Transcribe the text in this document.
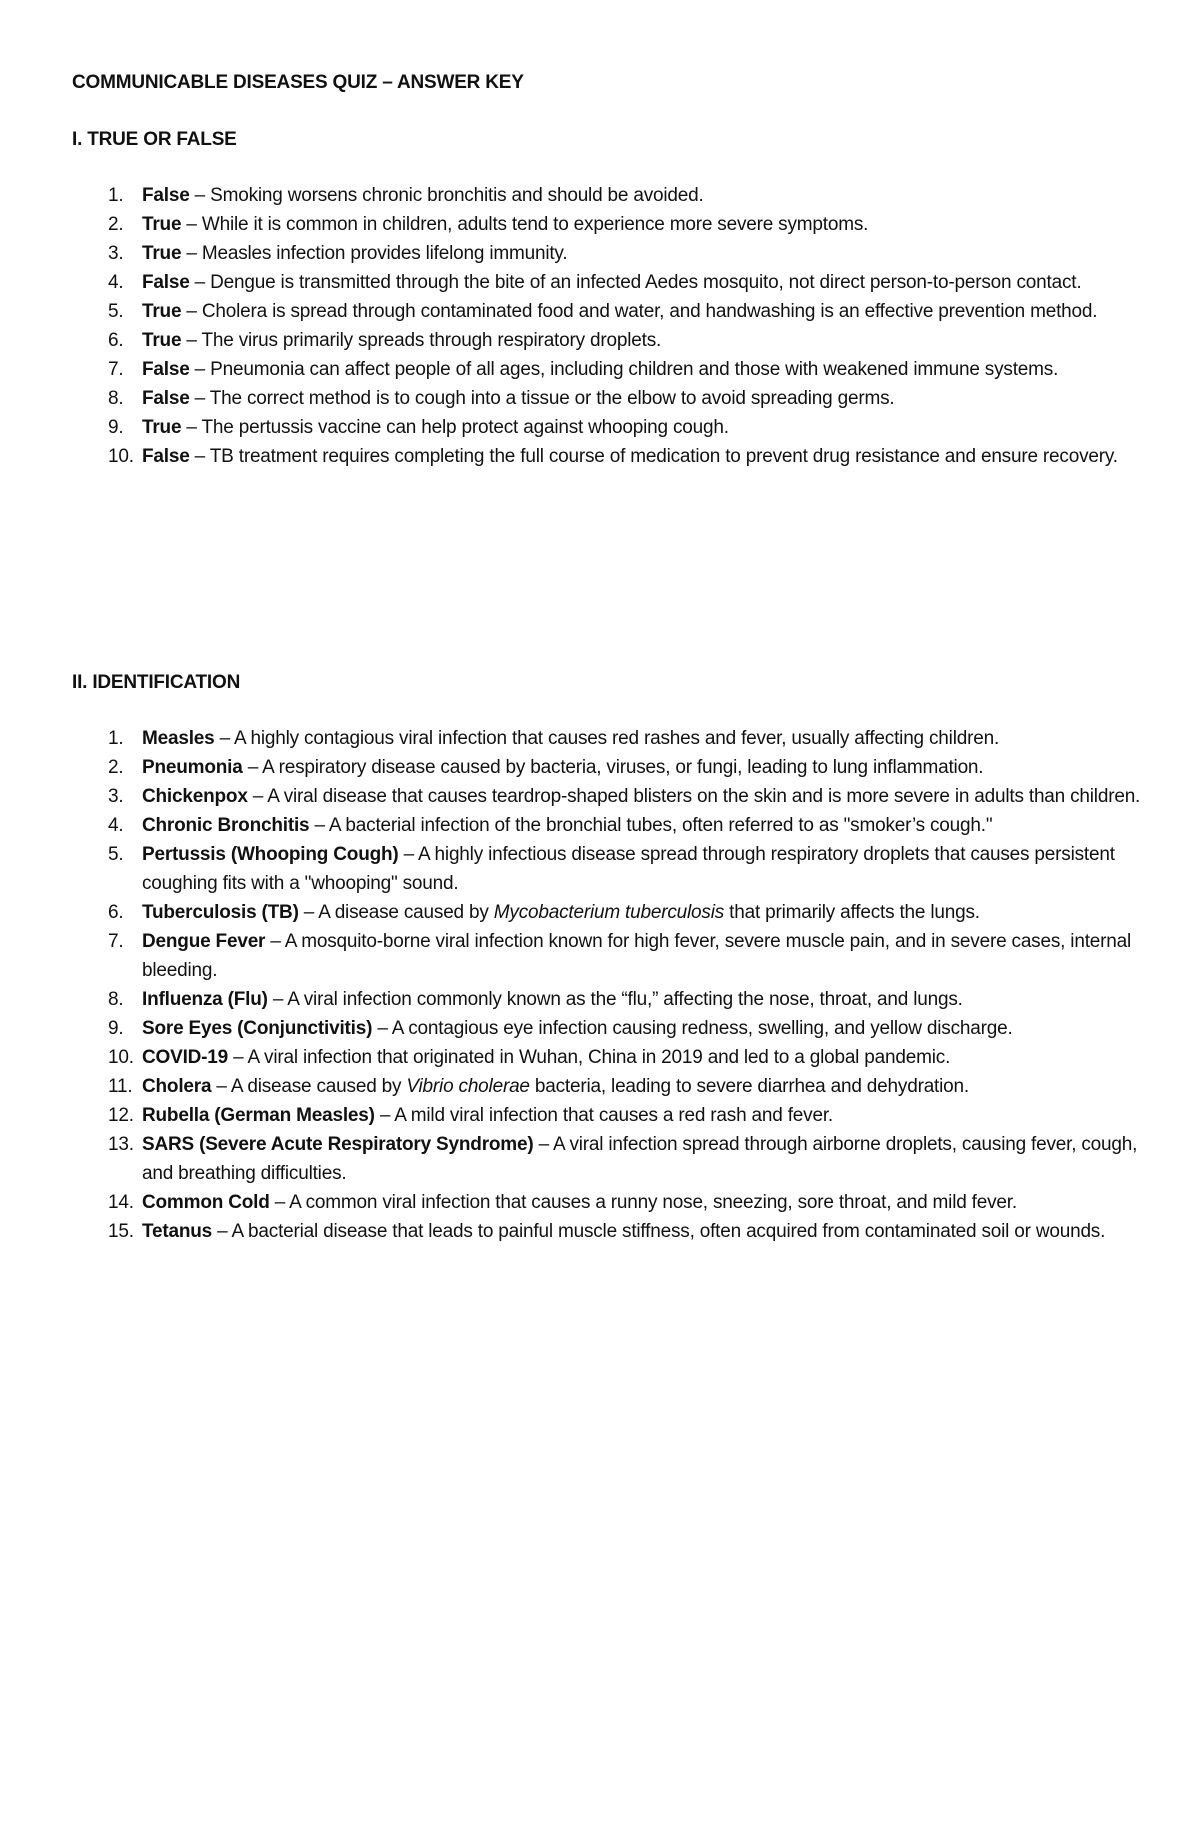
COMMUNICABLE DISEASES QUIZ – ANSWER KEY
I. TRUE OR FALSE
1. False – Smoking worsens chronic bronchitis and should be avoided.
2. True – While it is common in children, adults tend to experience more severe symptoms.
3. True – Measles infection provides lifelong immunity.
4. False – Dengue is transmitted through the bite of an infected Aedes mosquito, not direct person-to-person contact.
5. True – Cholera is spread through contaminated food and water, and handwashing is an effective prevention method.
6. True – The virus primarily spreads through respiratory droplets.
7. False – Pneumonia can affect people of all ages, including children and those with weakened immune systems.
8. False – The correct method is to cough into a tissue or the elbow to avoid spreading germs.
9. True – The pertussis vaccine can help protect against whooping cough.
10. False – TB treatment requires completing the full course of medication to prevent drug resistance and ensure recovery.
II. IDENTIFICATION
1. Measles – A highly contagious viral infection that causes red rashes and fever, usually affecting children.
2. Pneumonia – A respiratory disease caused by bacteria, viruses, or fungi, leading to lung inflammation.
3. Chickenpox – A viral disease that causes teardrop-shaped blisters on the skin and is more severe in adults than children.
4. Chronic Bronchitis – A bacterial infection of the bronchial tubes, often referred to as "smoker’s cough."
5. Pertussis (Whooping Cough) – A highly infectious disease spread through respiratory droplets that causes persistent coughing fits with a "whooping" sound.
6. Tuberculosis (TB) – A disease caused by Mycobacterium tuberculosis that primarily affects the lungs.
7. Dengue Fever – A mosquito-borne viral infection known for high fever, severe muscle pain, and in severe cases, internal bleeding.
8. Influenza (Flu) – A viral infection commonly known as the “flu,” affecting the nose, throat, and lungs.
9. Sore Eyes (Conjunctivitis) – A contagious eye infection causing redness, swelling, and yellow discharge.
10. COVID-19 – A viral infection that originated in Wuhan, China in 2019 and led to a global pandemic.
11. Cholera – A disease caused by Vibrio cholerae bacteria, leading to severe diarrhea and dehydration.
12. Rubella (German Measles) – A mild viral infection that causes a red rash and fever.
13. SARS (Severe Acute Respiratory Syndrome) – A viral infection spread through airborne droplets, causing fever, cough, and breathing difficulties.
14. Common Cold – A common viral infection that causes a runny nose, sneezing, sore throat, and mild fever.
15. Tetanus – A bacterial disease that leads to painful muscle stiffness, often acquired from contaminated soil or wounds.
